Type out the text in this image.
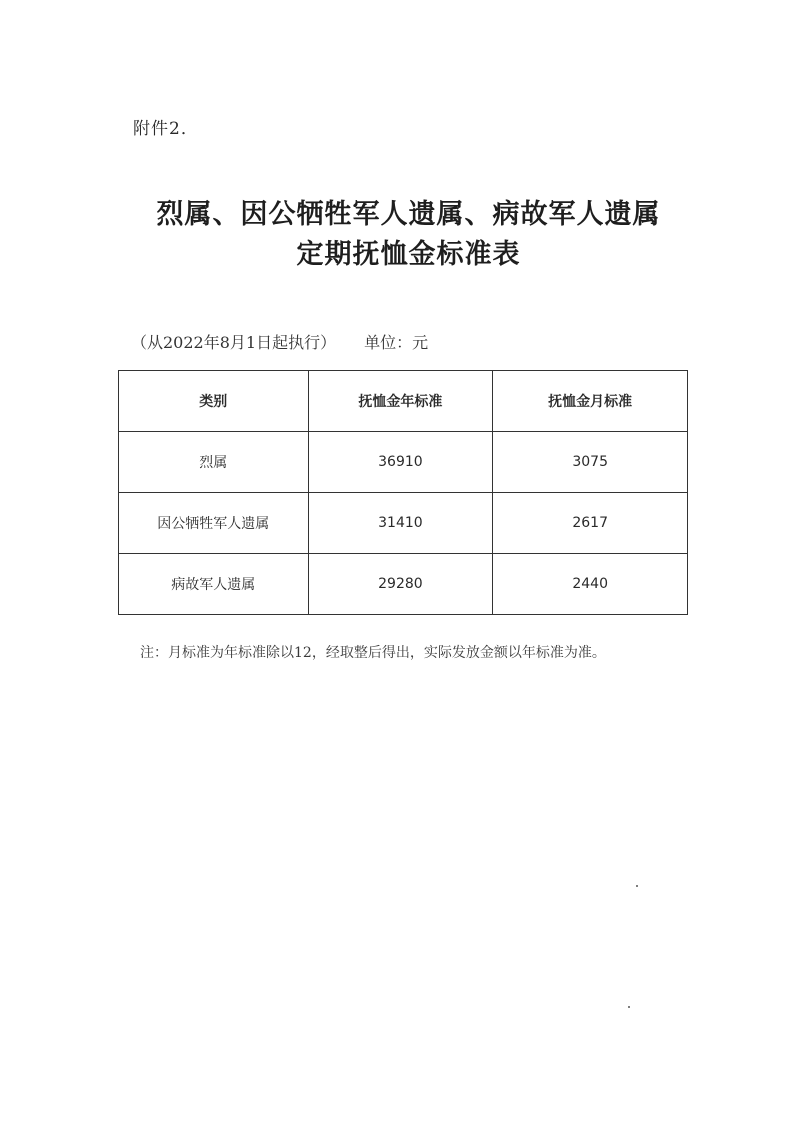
附件2．
烈属、因公牺牲军人遗属、病故军人遗属
定期抚恤金标准表
（从2022年8月1日起执行） 单位：元
类别	抚恤金年标准	抚恤金月标准
烈属	36910	3075
因公牺牲军人遗属	31410	2617
病故军人遗属	29280	2440
注：月标准为年标准除以12，经取整后得出，实际发放金额以年标准为准。
